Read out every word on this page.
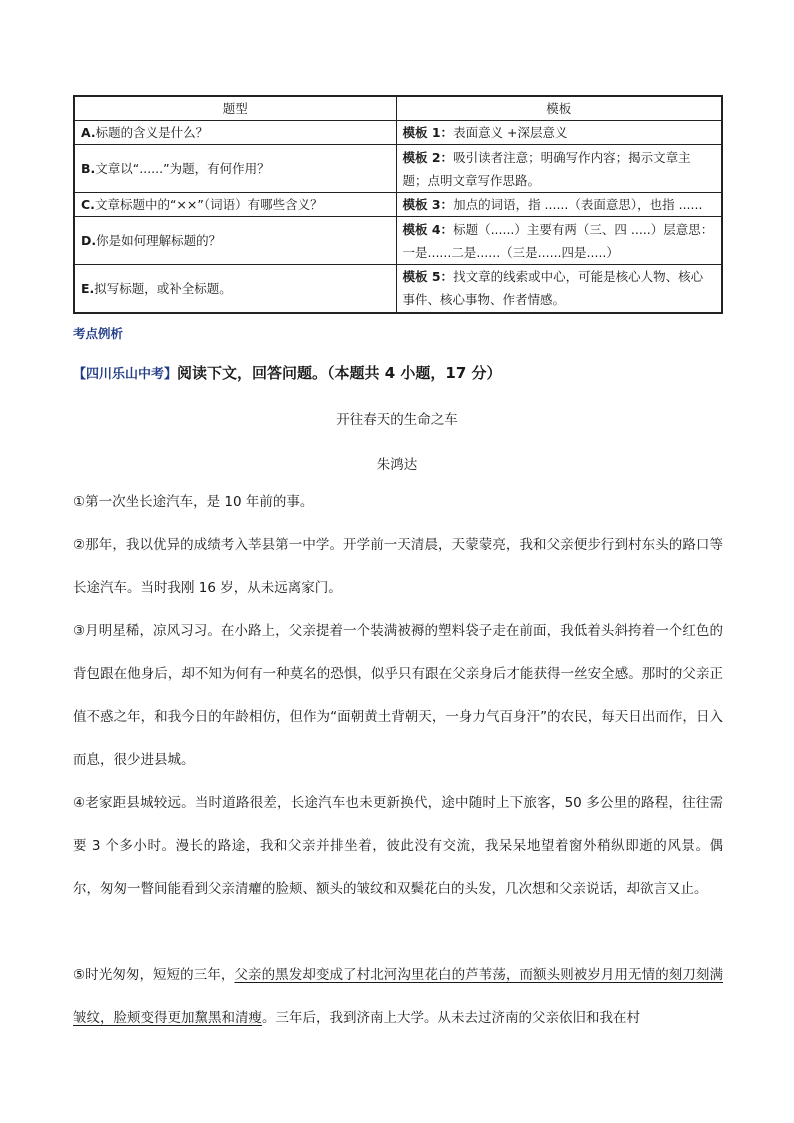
题型	模板
A.标题的含义是什么？	模板 1：表面意义 +深层意义
B.文章以“......”为题，有何作用？	模板 2：吸引读者注意；明确写作内容；揭示文章主题；点明文章写作思路。
C.文章标题中的“××”（词语）有哪些含义？	模板 3：加点的词语，指 ......（表面意思），也指 ......
D.你是如何理解标题的？	模板 4：标题（......）主要有两（三、四 .....）层意思：一是......二是......（三是......四是.....）
E.拟写标题，或补全标题。	模板 5：找文章的线索或中心，可能是核心人物、核心事件、核心事物、作者情感。
考点例析
【四川乐山中考】阅读下文，回答问题。（本题共 4 小题，17 分）
开往春天的生命之车
朱鸿达

①第一次坐长途汽车，是 10 年前的事。

②那年，我以优异的成绩考入莘县第一中学。开学前一天清晨，天蒙蒙亮，我和父亲便步行到村东头的路口等长途汽车。当时我刚 16 岁，从未远离家门。

③月明星稀，凉风习习。在小路上，父亲提着一个装满被褥的塑料袋子走在前面，我低着头斜挎着一个红色的背包跟在他身后，却不知为何有一种莫名的恐惧，似乎只有跟在父亲身后才能获得一丝安全感。那时的父亲正值不惑之年，和我今日的年龄相仿，但作为“面朝黄土背朝天，一身力气百身汗”的农民，每天日出而作，日入而息，很少进县城。

④老家距县城较远。当时道路很差，长途汽车也未更新换代，途中随时上下旅客，50 多公里的路程，往往需要 3 个多小时。漫长的路途，我和父亲并排坐着，彼此没有交流，我呆呆地望着窗外稍纵即逝的风景。偶尔，匆匆一瞥间能看到父亲清癯的脸颊、额头的皱纹和双鬓花白的头发，几次想和父亲说话，却欲言又止。

⑤时光匆匆，短短的三年，父亲的黑发却变成了村北河沟里花白的芦苇荡，而额头则被岁月用无情的刻刀刻满皱纹，脸颊变得更加黧黑和清瘦。三年后，我到济南上大学。从未去过济南的父亲依旧和我在村
